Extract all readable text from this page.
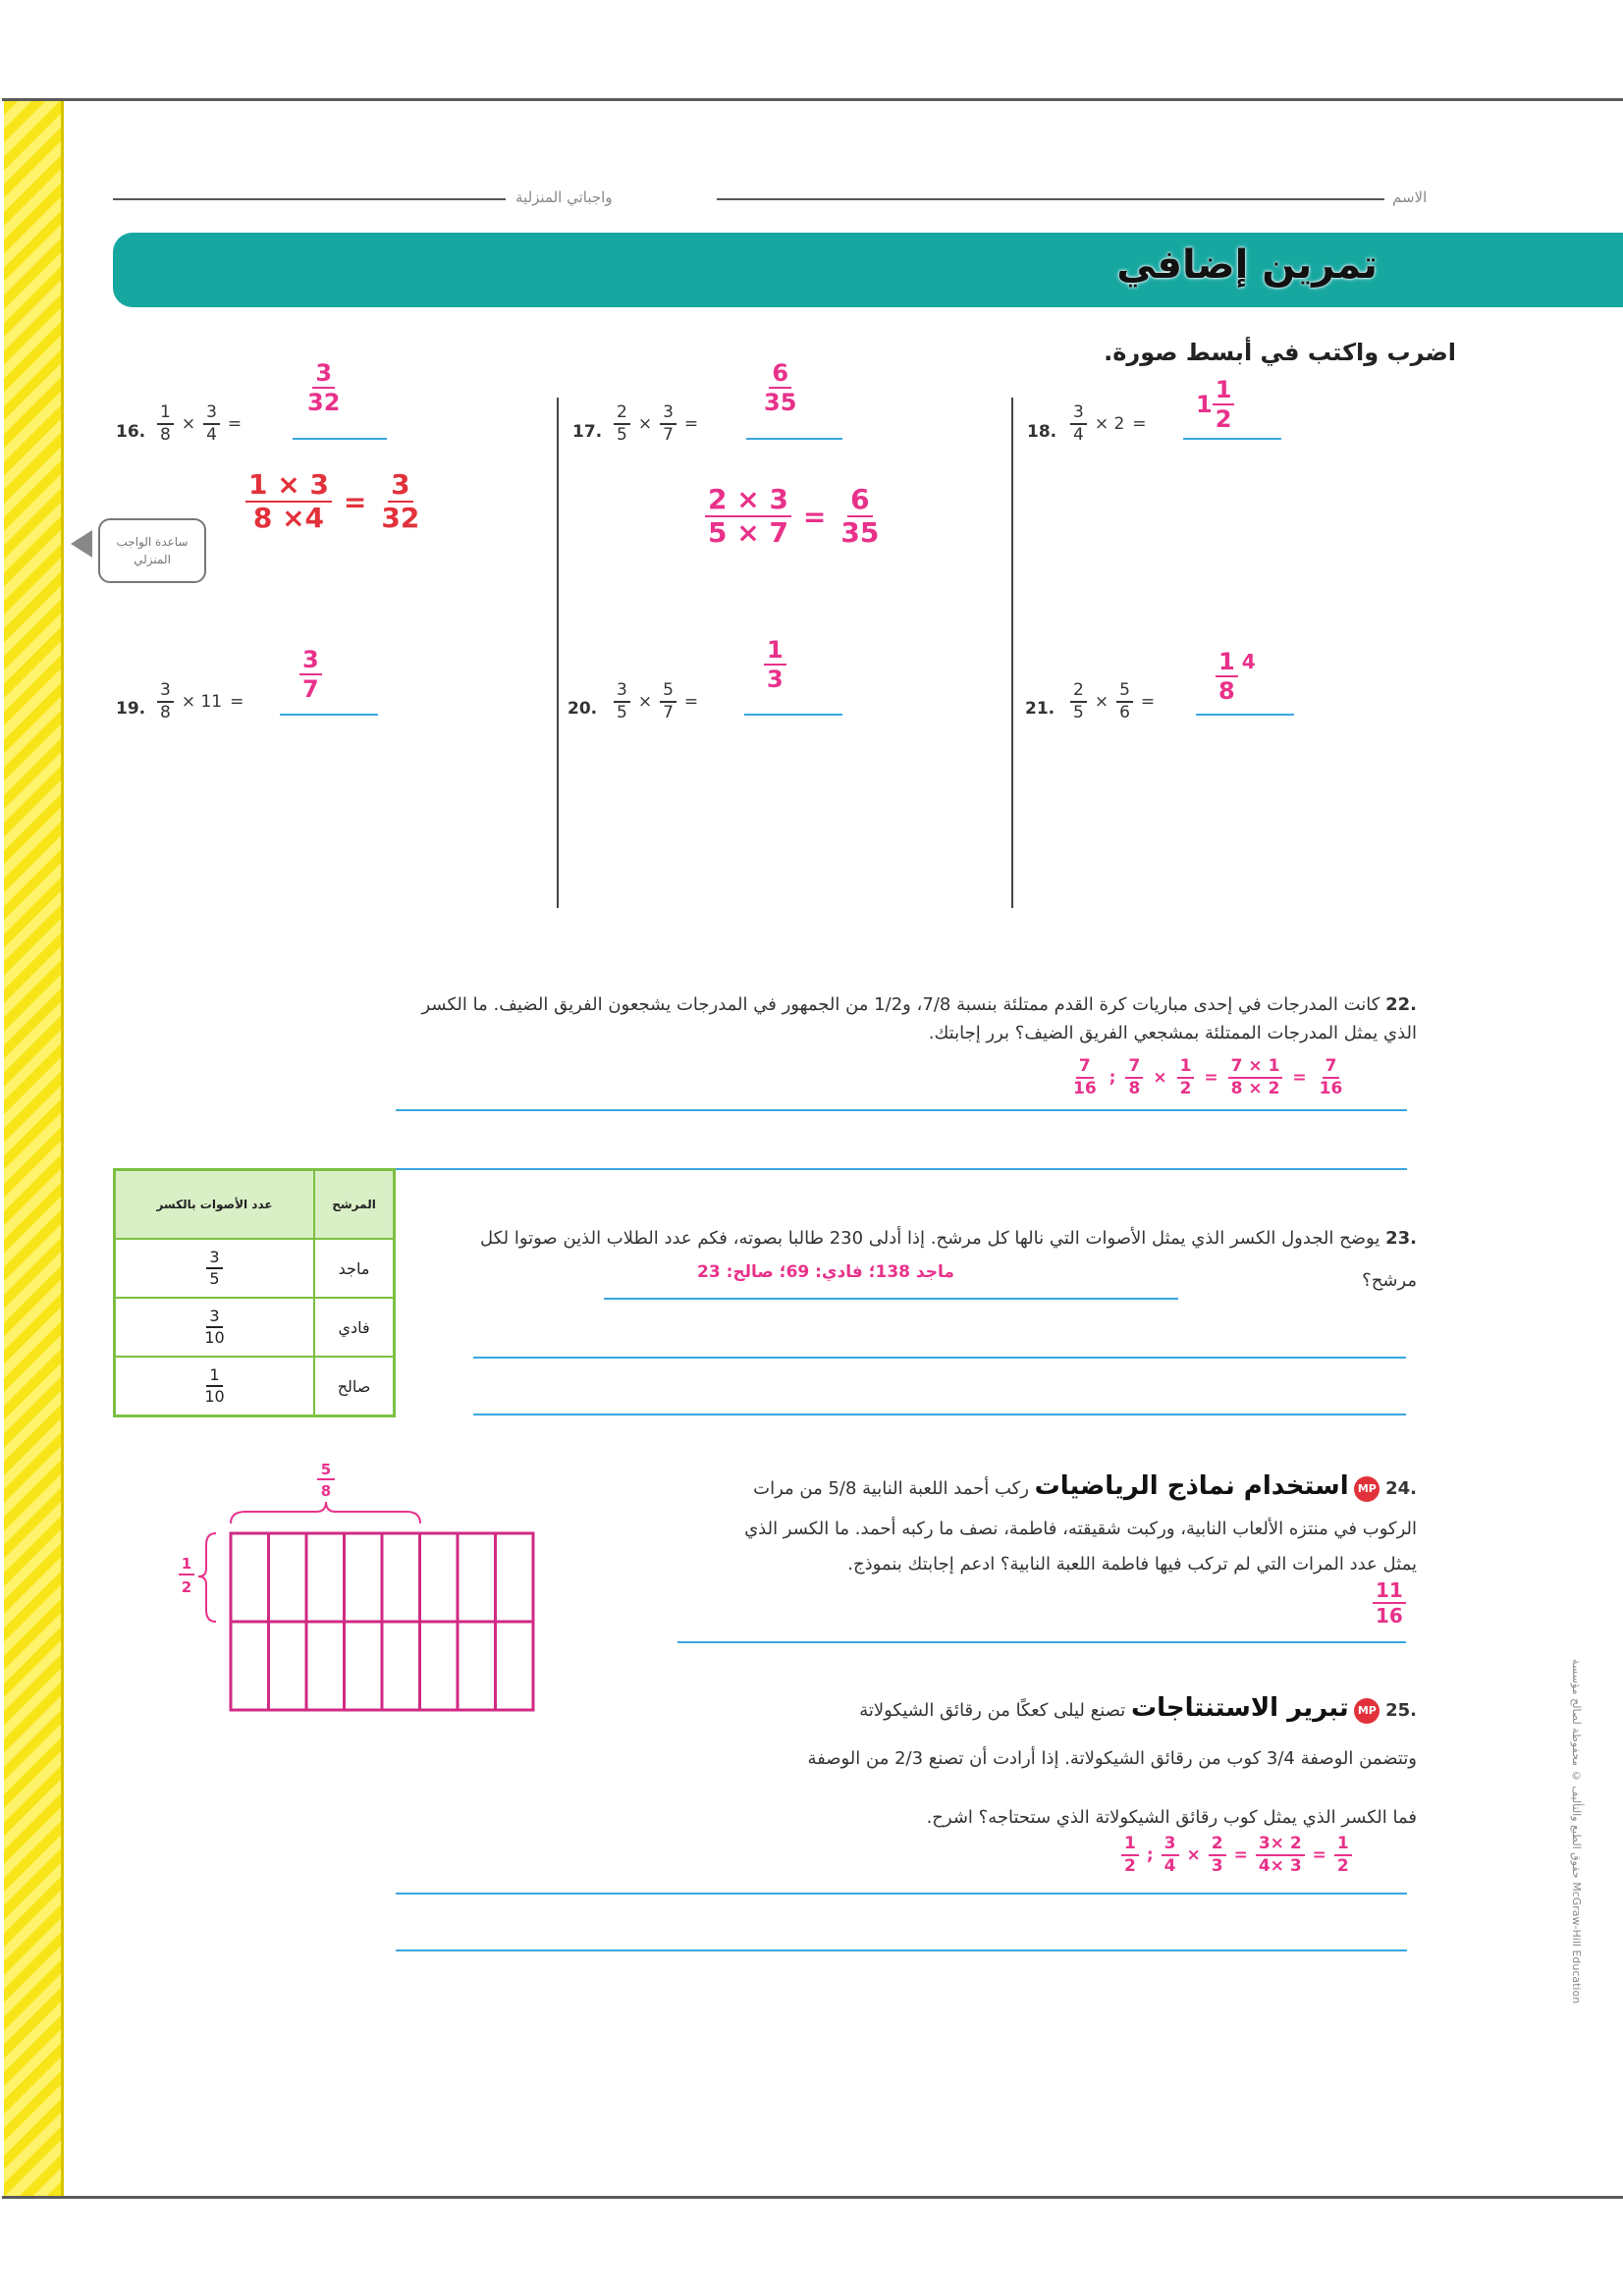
الاسم
واجباتي المنزلية
تمرين إضافي
اضرب واكتب في أبسط صورة.
16. $\frac{1}{8} \times \frac{3}{4}$ =
$\frac{3}{32}$
$\frac{1 \times 3}{8 \times 4} = \frac{3}{32}$
17. $\frac{2}{5} \times \frac{3}{7}$ =
$\frac{6}{35}$
$\frac{2 \times 3}{5 \times 7} = \frac{6}{35}$
18. $\frac{3}{4} \times 2$ =
$1 \frac{1}{2}$
ساعدة الواجب المنزلي
19. $\frac{3}{8} \times 11$ =
$\frac{3}{7}$
20. $\frac{3}{5} \times \frac{5}{7}$ =
$\frac{1}{3}$
21. $\frac{2}{5} \times \frac{5}{6}$ =	$\frac{1}{8} 4$
.22 كانت المدرجات في إحدى مباريات كرة القدم ممتلئة بنسبة 7/8، و1/2 من الجمهور في المدرجات يشجعون الفريق الضيف. ما الكسر الذي يمثل المدرجات الممتلئة بمشجعي الفريق الضيف؟ برر إجابتك.
$\frac{7}{16}$ ; $\frac{7}{8} \times \frac{1}{2} = \frac{7 \times 1}{8 \times 2} = \frac{7}{16}$
عدد الأصوات بالكسر	المرشح

$\frac{3}{5}$	ماجد

$\frac{3}{10}$	فادي

$\frac{1}{10}$	صالح
.23 يوضح الجدول الكسر الذي يمثل الأصوات التي نالها كل مرشح. إذا أدلى 230 طالبا بصوته، فكم عدد الطلاب الذين صوتوا لكل مرشح؟
ماجد 138؛ فادي: 69؛ صالح: 23
5
8
1
2
.24 MP استخدام نماذج الرياضيات ركب أحمد اللعبة النابية 5/8 من مرات الركوب في منتزه الألعاب النابية، وركبت شقيقته، فاطمة، نصف ما ركبه أحمد. ما الكسر الذي يمثل عدد المرات التي لم تركب فيها فاطمة اللعبة النابية؟ ادعم إجابتك بنموذج.
$\frac{11}{16}$
.25 MP تبرير الاستنتاجات تصنع ليلى كعكًا من رقائق الشيكولاتة
وتتضمن الوصفة 3/4 كوب من رقائق الشيكولاتة. إذا أرادت أن تصنع 2/3 من الوصفة
فما الكسر الذي يمثل كوب رقائق الشيكولاتة الذي ستحتاجه؟ اشرح.
$\frac{1}{2}$ ; $\frac{3}{4} \times \frac{2}{3} = \frac{3\times 2}{4\times 3} = \frac{1}{2}$	حقوق الطبع والتأليف © محفوظة لصالح مؤسسة McGraw-Hill Education
